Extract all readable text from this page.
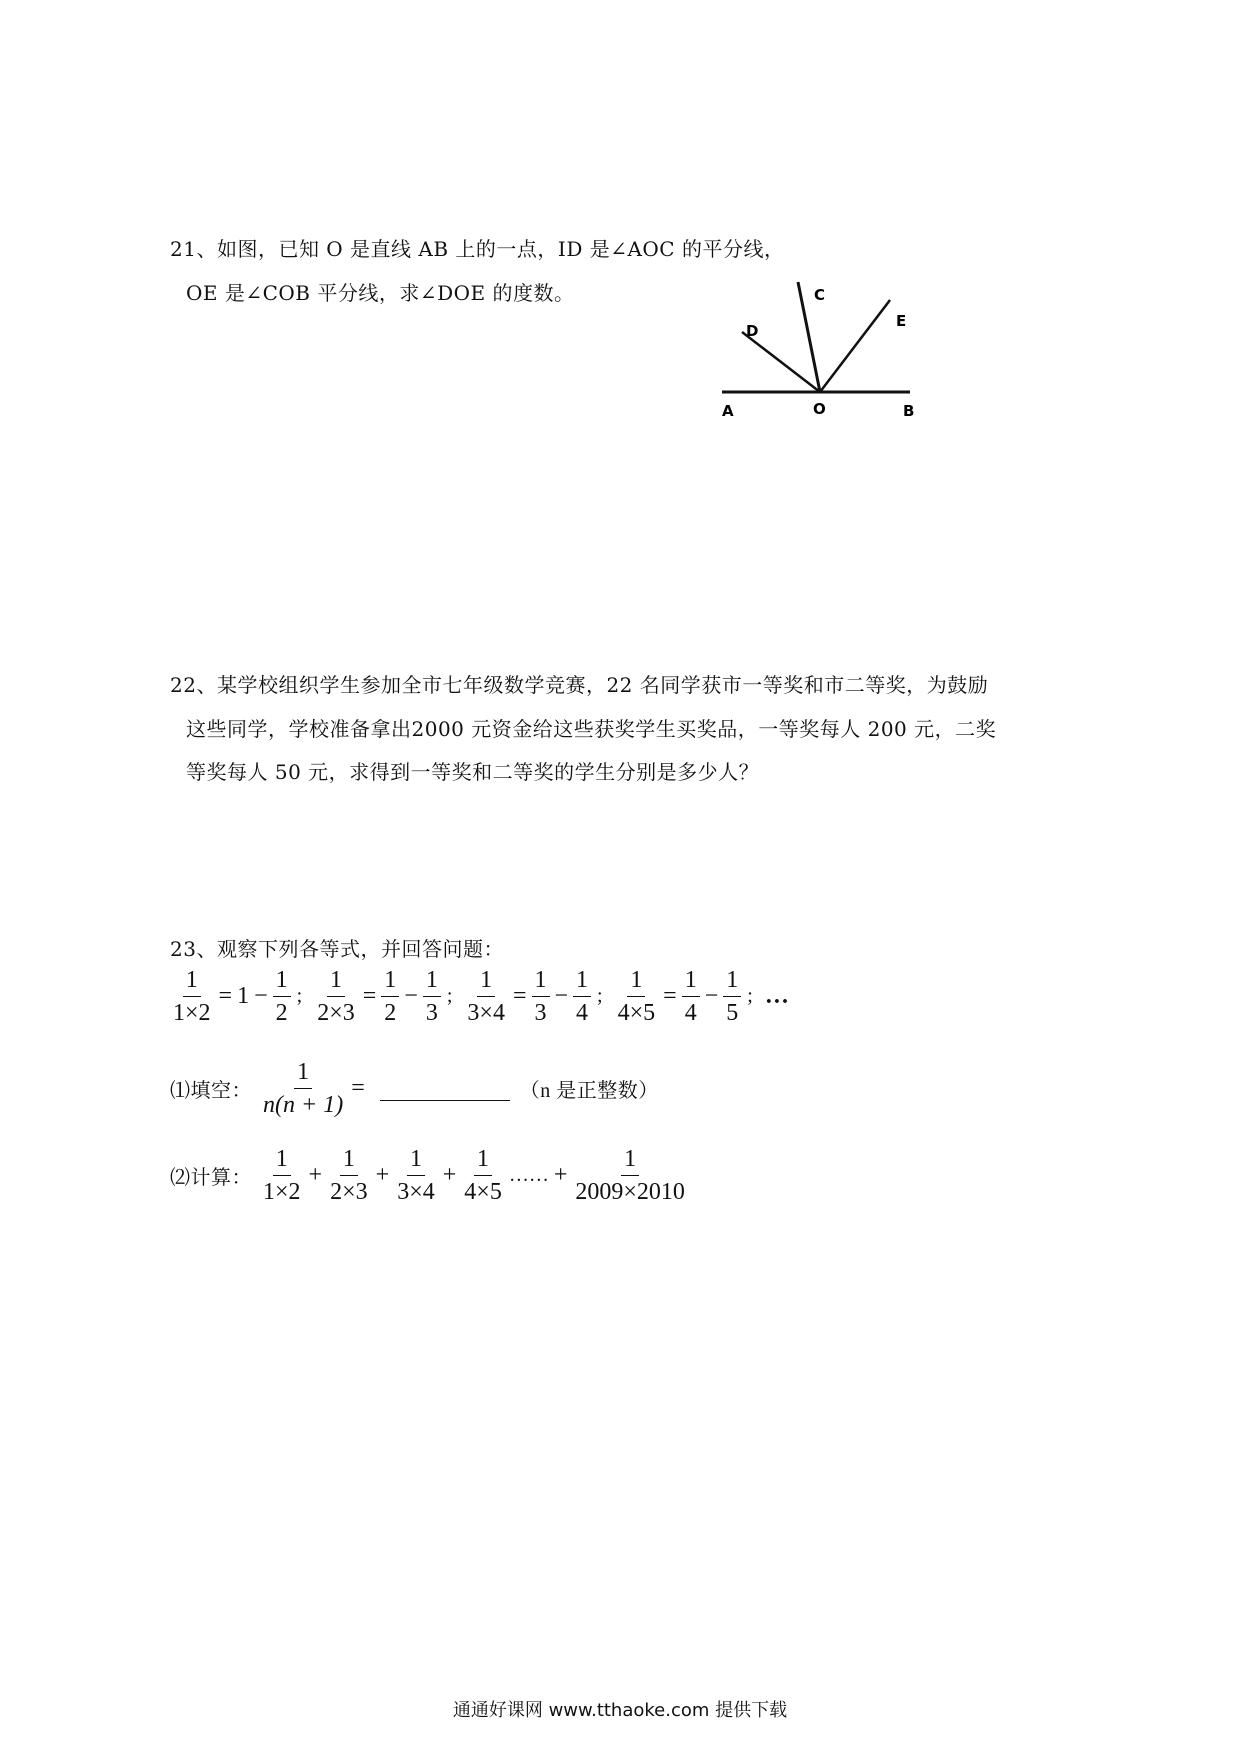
21、如图，已知 O 是直线 AB 上的一点，ID 是∠AOC 的平分线，
OE 是∠COB 平分线，求∠DOE 的度数。
A	O	B
C
D
E
22、某学校组织学生参加全市七年级数学竞赛，22 名同学获市一等奖和市二等奖，为鼓励
这些同学，学校准备拿出2000 元资金给这些获奖学生买奖品，一等奖每人 200 元，二奖
等奖每人 50 元，求得到一等奖和二等奖的学生分别是多少人？
23、观察下列各等式，并回答问题：
$\frac{1}{1\times 2} = 1 - \frac{1}{2}$ ; $\frac{1}{2\times 3} = \frac{1}{2} - \frac{1}{3}$ ; $\frac{1}{3\times 4} = \frac{1}{3} - \frac{1}{4}$ ; $\frac{1}{4\times 5} = \frac{1}{4} - \frac{1}{5}$ ; …
⑴填空： $\frac{1}{n(n + 1)}$ =	（n 是正整数）
⑵计算： $\frac{1}{1\times 2} + \frac{1}{2\times 3} + \frac{1}{3\times 4} + \frac{1}{4\times 5}$ …… + $\frac{1}{2009\times 2010}$
通通好课网 www.tthaoke.com 提供下载
